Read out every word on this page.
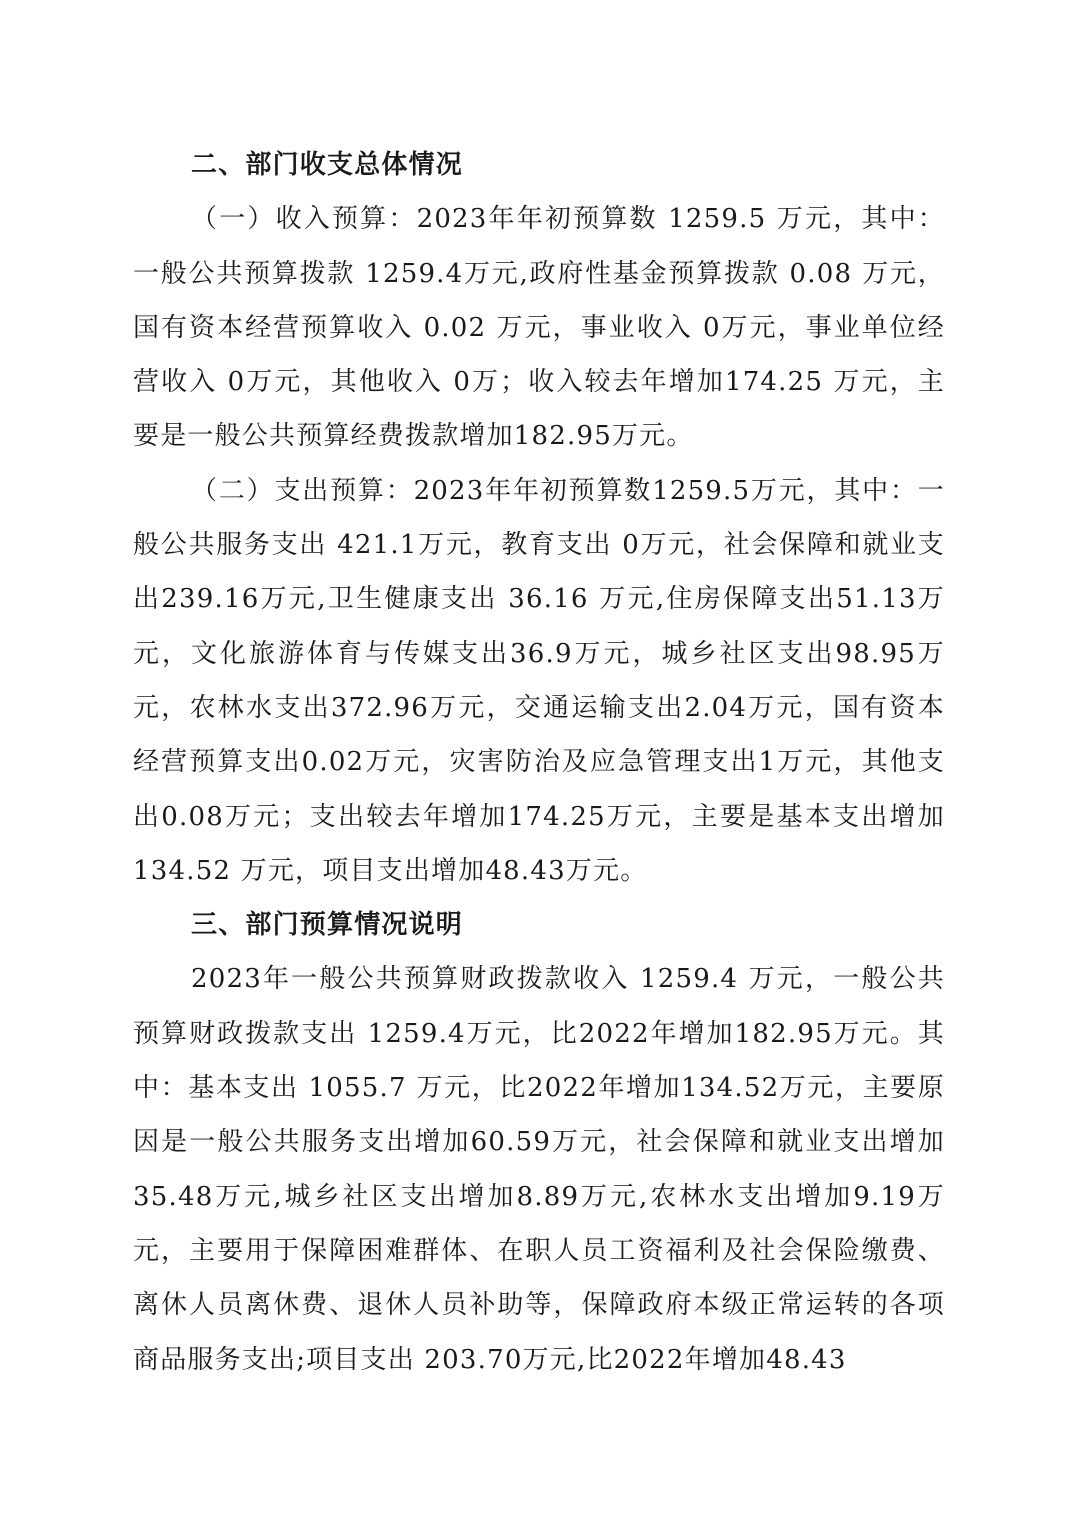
二、部门收支总体情况

（一）收入预算：2023年年初预算数 1259.5 万元，其中：一般公共预算拨款 1259.4万元,政府性基金预算拨款 0.08 万元，国有资本经营预算收入 0.02 万元，事业收入 0万元，事业单位经营收入 0万元，其他收入 0万；收入较去年增加174.25 万元，主要是一般公共预算经费拨款增加182.95万元。

（二）支出预算：2023年年初预算数1259.5万元，其中：一般公共服务支出 421.1万元，教育支出 0万元，社会保障和就业支出239.16万元,卫生健康支出 36.16 万元,住房保障支出51.13万元，文化旅游体育与传媒支出36.9万元，城乡社区支出98.95万元，农林水支出372.96万元，交通运输支出2.04万元，国有资本经营预算支出0.02万元，灾害防治及应急管理支出1万元，其他支出0.08万元；支出较去年增加174.25万元，主要是基本支出增加134.52 万元，项目支出增加48.43万元。

三、部门预算情况说明

2023年一般公共预算财政拨款收入 1259.4 万元，一般公共预算财政拨款支出 1259.4万元，比2022年增加182.95万元。其中：基本支出 1055.7 万元，比2022年增加134.52万元，主要原因是一般公共服务支出增加60.59万元，社会保障和就业支出增加35.48万元,城乡社区支出增加8.89万元,农林水支出增加9.19万元，主要用于保障困难群体、在职人员工资福利及社会保险缴费、离休人员离休费、退休人员补助等，保障政府本级正常运转的各项商品服务支出;项目支出 203.70万元,比2022年增加48.43
